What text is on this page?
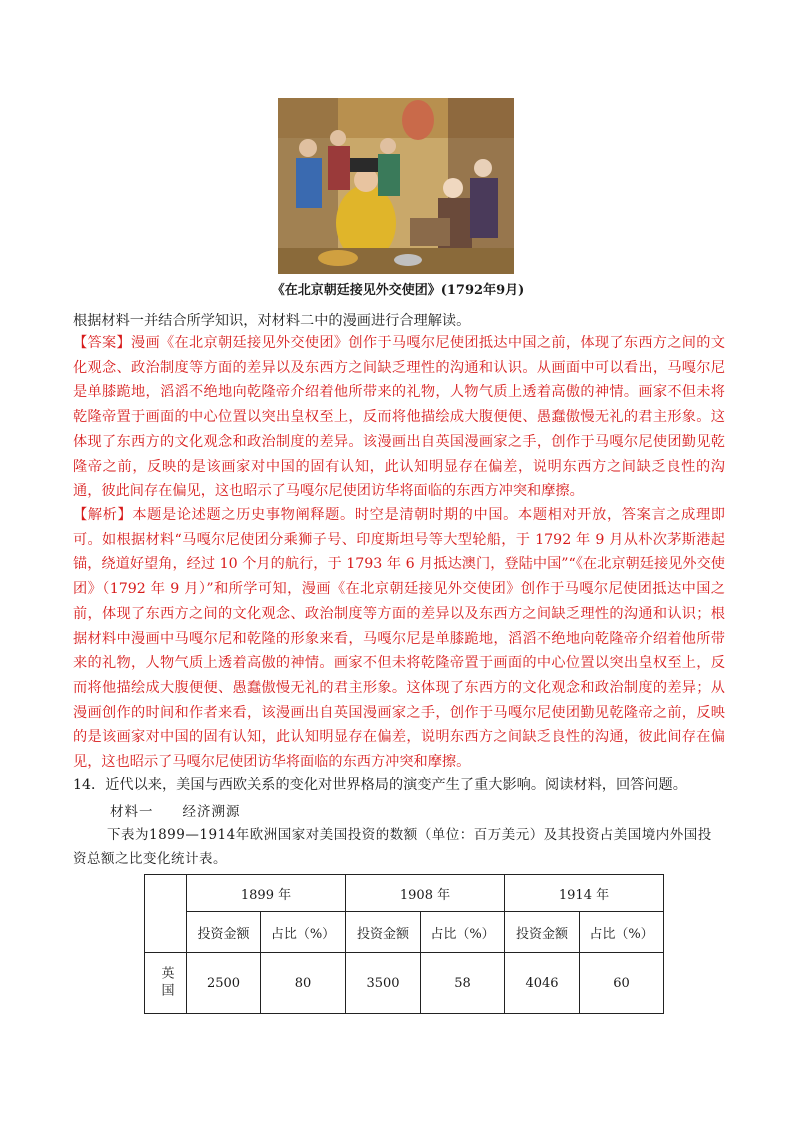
《在北京朝廷接见外交使团》(1792年9月)

根据材料一并结合所学知识，对材料二中的漫画进行合理解读。

【答案】漫画《在北京朝廷接见外交使团》创作于马嘎尔尼使团抵达中国之前，体现了东西方之间的文化观念、政治制度等方面的差异以及东西方之间缺乏理性的沟通和认识。从画面中可以看出，马嘎尔尼是单膝跪地，滔滔不绝地向乾隆帝介绍着他所带来的礼物，人物气质上透着高傲的神情。画家不但未将乾隆帝置于画面的中心位置以突出皇权至上，反而将他描绘成大腹便便、愚蠢傲慢无礼的君主形象。这体现了东西方的文化观念和政治制度的差异。该漫画出自英国漫画家之手，创作于马嘎尔尼使团勤见乾隆帝之前，反映的是该画家对中国的固有认知，此认知明显存在偏差，说明东西方之间缺乏良性的沟通，彼此间存在偏见，这也昭示了马嘎尔尼使团访华将面临的东西方冲突和摩擦。

【解析】本题是论述题之历史事物阐释题。时空是清朝时期的中国。本题相对开放，答案言之成理即可。如根据材料“马嘎尔尼使团分乘狮子号、印度斯坦号等大型轮船，于 1792 年 9 月从朴次茅斯港起锚，绕道好望角，经过 10 个月的航行，于 1793 年 6 月抵达澳门，登陆中国”“《在北京朝廷接见外交使团》（1792 年 9 月）”和所学可知，漫画《在北京朝廷接见外交使团》创作于马嘎尔尼使团抵达中国之前，体现了东西方之间的文化观念、政治制度等方面的差异以及东西方之间缺乏理性的沟通和认识；根据材料中漫画中马嘎尔尼和乾隆的形象来看，马嘎尔尼是单膝跪地，滔滔不绝地向乾隆帝介绍着他所带来的礼物，人物气质上透着高傲的神情。画家不但未将乾隆帝置于画面的中心位置以突出皇权至上，反而将他描绘成大腹便便、愚蠢傲慢无礼的君主形象。这体现了东西方的文化观念和政治制度的差异；从漫画创作的时间和作者来看，该漫画出自英国漫画家之手，创作于马嘎尔尼使团勤见乾隆帝之前，反映的是该画家对中国的固有认知，此认知明显存在偏差，说明东西方之间缺乏良性的沟通，彼此间存在偏见，这也昭示了马嘎尔尼使团访华将面临的东西方冲突和摩擦。

14．近代以来，美国与西欧关系的变化对世界格局的演变产生了重大影响。阅读材料，回答问题。

材料一　　经济溯源

下表为1899—1914年欧洲国家对美国投资的数额（单位：百万美元）及其投资占美国境内外国投资总额之比变化统计表。

	1899 年		1908 年		1914 年	
	投资金额	占比（%）	投资金额	占比（%）	投资金额	占比（%）
英国	2500	80	3500	58	4046	60
